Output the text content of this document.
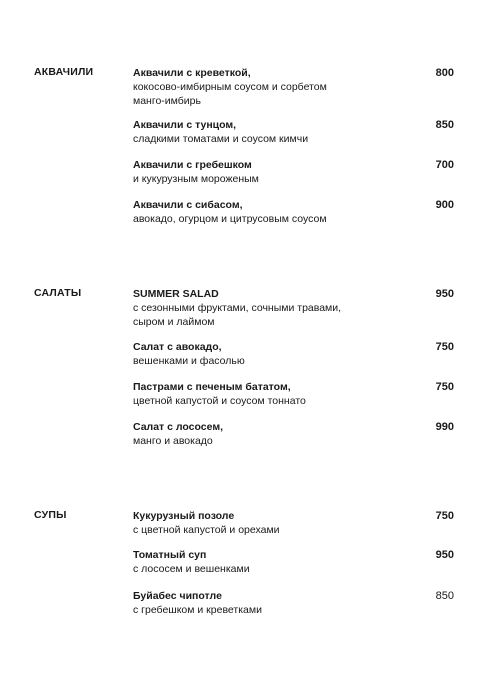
АКВАЧИЛИ	Аквачили с креветкой,
кокосово-имбирным соусом и сорбетом
манго-имбирь
800
Аквачили с тунцом,
сладкими томатами и соусом кимчи
850
Аквачили с гребешком
и кукурузным мороженым
700
Аквачили с сибасом,
авокадо, огурцом и цитрусовым соусом
900
САЛАТЫ	SUMMER SALAD
с сезонными фруктами, сочными травами,
сыром и лаймом
950
Салат с авокадо,
вешенками и фасолью
750
Пастрами с печеным бататом,
цветной капустой и соусом тоннато
750
Салат с лососем,
манго и авокадо
990
СУПЫ	Кукурузный позоле
с цветной капустой и орехами
750
Томатный суп
с лососем и вешенками
950
Буйабес чипотле
с гребешком и креветками
850
